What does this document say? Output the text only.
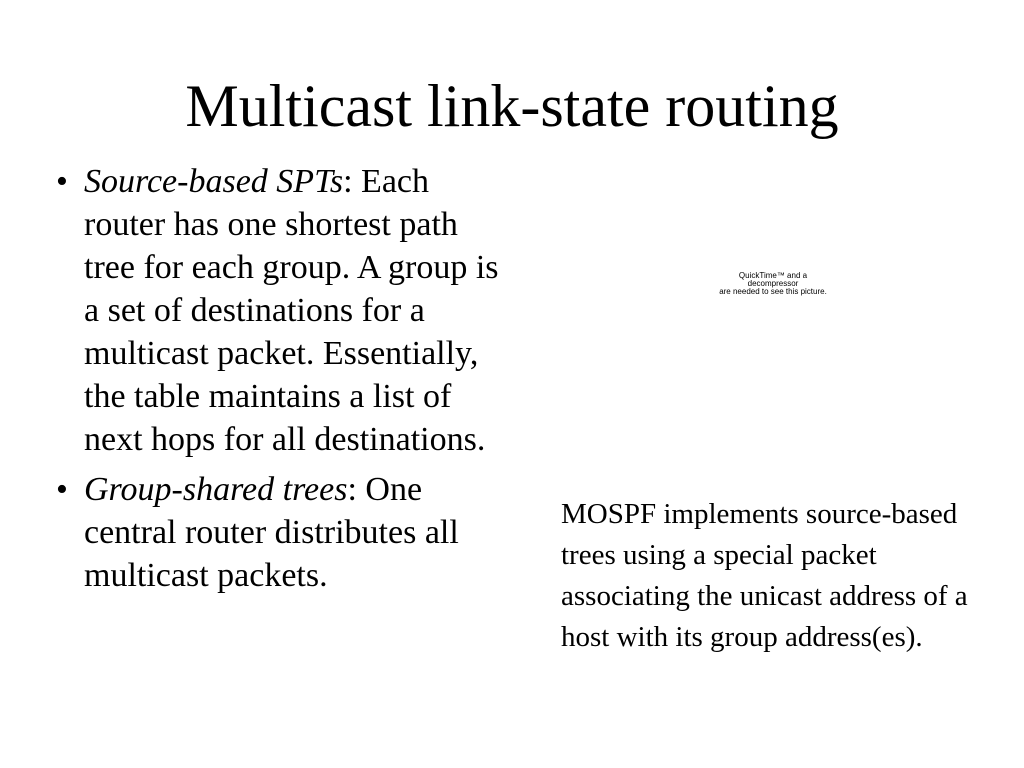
Multicast link-state routing
• Source-based SPTs: Each router has one shortest path tree for each group. A group is a set of destinations for a multicast packet. Essentially, the table maintains a list of next hops for all destinations.
• Group-shared trees: One central router distributes all multicast packets.
QuickTime™ and a
decompressor
are needed to see this picture.

MOSPF implements source-based trees using a special packet associating the unicast address of a host with its group address(es).
